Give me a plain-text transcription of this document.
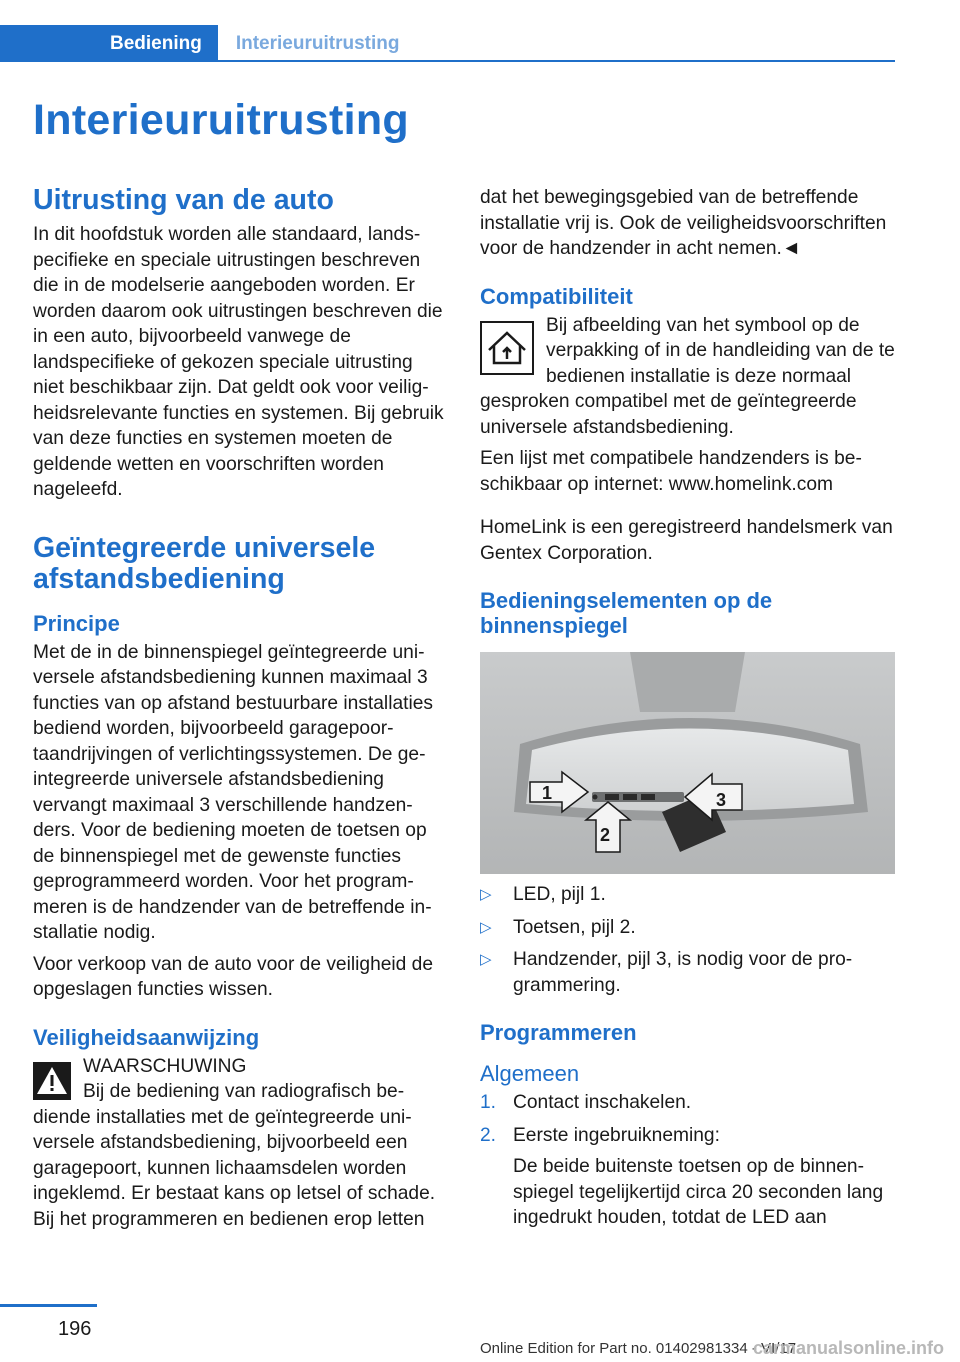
Bediening	Interieuruitrusting
Interieuruitrusting
Uitrusting van de auto

In dit hoofdstuk worden alle standaard, landspecifieke en speciale uitrustingen beschreven die in de modelserie aangeboden worden. Er worden daarom ook uitrustingen beschreven die in een auto, bijvoorbeeld vanwege de landspecifieke of gekozen speciale uitrusting niet beschikbaar zijn. Dat geldt ook voor veiligheidsrelevante functies en systemen. Bij gebruik van deze functies en systemen moeten de geldende wetten en voorschriften worden nageleefd.

Geïntegreerde universele afstandsbediening
Principe

Met de in de binnenspiegel geïntegreerde universele afstandsbediening kunnen maximaal 3 functies van op afstand bestuurbare installaties bediend worden, bijvoorbeeld garagepoortaandrijvingen of verlichtingssystemen. De geintegreerde universele afstandsbediening vervangt maximaal 3 verschillende handzenders. Voor de bediening moeten de toetsen op de binnenspiegel met de gewenste functies geprogrammeerd worden. Voor het programmeren is de handzender van de betreffende installatie nodig.

Voor verkoop van de auto voor de veiligheid de opgeslagen functies wissen.

Veiligheidsaanwijzing
WAARSCHUWING
Bij de bediening van radiografisch bediende installaties met de geïntegreerde universele afstandsbediening, bijvoorbeeld een garagepoort, kunnen lichaamsdelen worden ingeklemd. Er bestaat kans op letsel of schade. Bij het programmeren en bedienen erop letten

dat het bewegingsgebied van de betreffende installatie vrij is. Ook de veiligheidsvoorschriften voor de handzender in acht nemen.◄

Compatibiliteit

Bij afbeelding van het symbool op de verpakking of in de handleiding van de te bedienen installatie is deze normaal gesproken compatibel met de geïntegreerde universele afstandsbediening.

Een lijst met compatibele handzenders is beschikbaar op internet: www.homelink.com

HomeLink is een geregistreerd handelsmerk van Gentex Corporation.

Bedieningselementen op de binnenspiegel
1
2
3
▷ LED, pijl 1.
▷ Toetsen, pijl 2.
▷ Handzender, pijl 3, is nodig voor de programmering.
Programmeren
Algemeen
1. Contact inschakelen.
2. Eerste ingebruikneming:
De beide buitenste toetsen op de binnenspiegel tegelijkertijd circa 20 seconden lang ingedrukt houden, totdat de LED aan
196
Online Edition for Part no. 01402981334 - VI/17
carmanualsonline.info
